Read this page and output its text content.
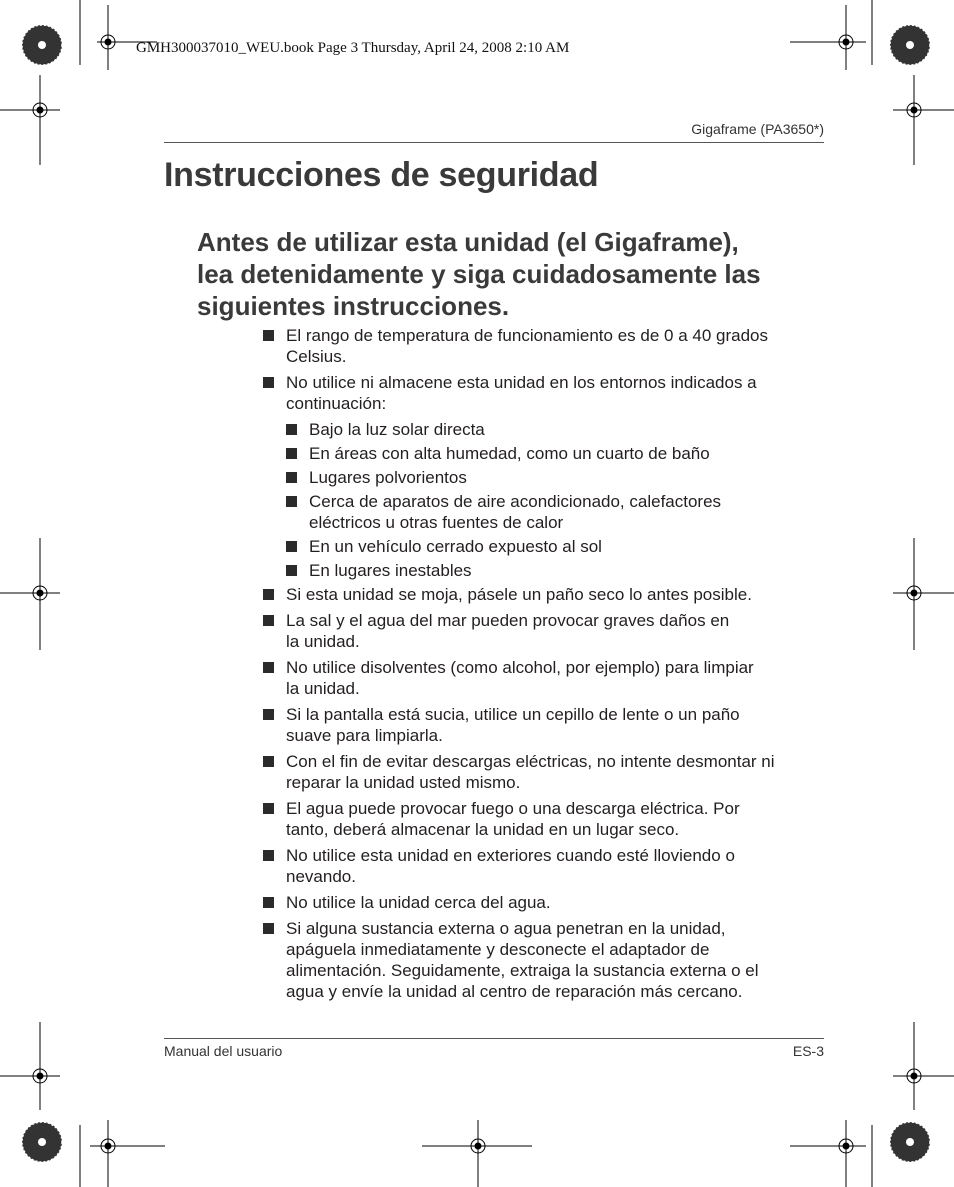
GMH300037010_WEU.book Page 3 Thursday, April 24, 2008 2:10 AM
Gigaframe (PA3650*)
Instrucciones de seguridad
Antes de utilizar esta unidad (el Gigaframe),
lea detenidamente y siga cuidadosamente las
siguientes instrucciones.
El rango de temperatura de funcionamiento es de 0 a 40 grados
Celsius.
No utilice ni almacene esta unidad en los entornos indicados a
continuación:
Bajo la luz solar directa
En áreas con alta humedad, como un cuarto de baño
Lugares polvorientos
Cerca de aparatos de aire acondicionado, calefactores
eléctricos u otras fuentes de calor
En un vehículo cerrado expuesto al sol
En lugares inestables
Si esta unidad se moja, pásele un paño seco lo antes posible.
La sal y el agua del mar pueden provocar graves daños en
la unidad.
No utilice disolventes (como alcohol, por ejemplo) para limpiar
la unidad.
Si la pantalla está sucia, utilice un cepillo de lente o un paño
suave para limpiarla.
Con el fin de evitar descargas eléctricas, no intente desmontar ni
reparar la unidad usted mismo.
El agua puede provocar fuego o una descarga eléctrica. Por
tanto, deberá almacenar la unidad en un lugar seco.
No utilice esta unidad en exteriores cuando esté lloviendo o
nevando.
No utilice la unidad cerca del agua.
Si alguna sustancia externa o agua penetran en la unidad,
apáguela inmediatamente y desconecte el adaptador de
alimentación. Seguidamente, extraiga la sustancia externa o el
agua y envíe la unidad al centro de reparación más cercano.
Manual del usuario	ES-3
